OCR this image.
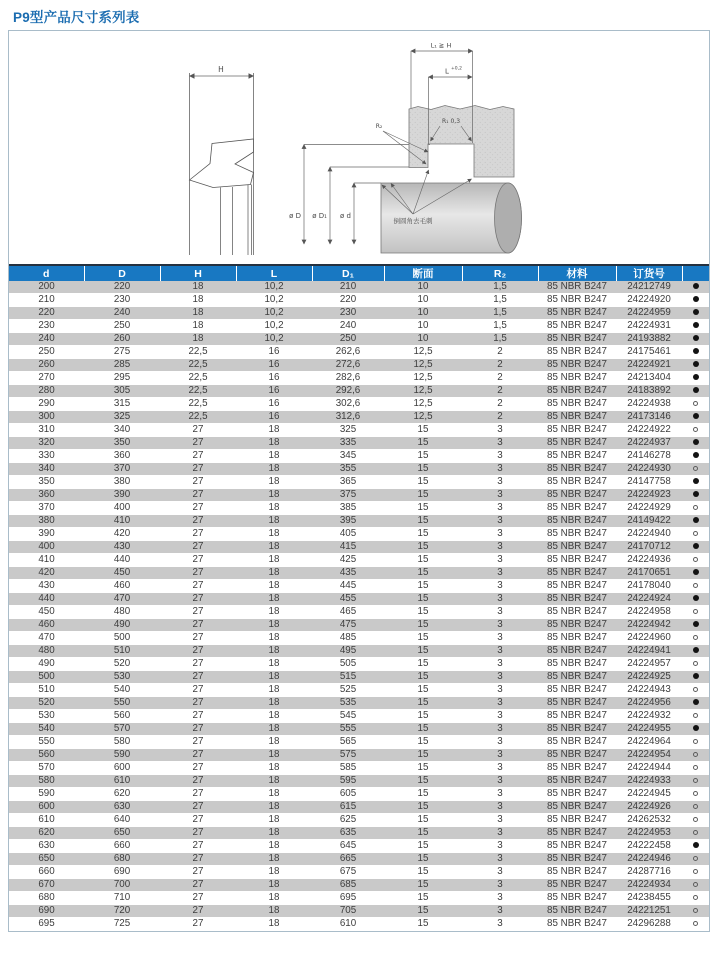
P9型产品尺寸系列表
H
ø D ø D₁ ø d
L₁ ≧ H
L +0,2
R₁ 0,3
R₂
倒圆角去毛刺
d	D	H	L	D₁	断面	R₂	材料	订货号	
200	220	18	10,2	210	10	1,5	85 NBR B247	24212749	
210	230	18	10,2	220	10	1,5	85 NBR B247	24224920	
220	240	18	10,2	230	10	1,5	85 NBR B247	24224959	
230	250	18	10,2	240	10	1,5	85 NBR B247	24224931	
240	260	18	10,2	250	10	1,5	85 NBR B247	24193882	
250	275	22,5	16	262,6	12,5	2	85 NBR B247	24175461	
260	285	22,5	16	272,6	12,5	2	85 NBR B247	24224921	
270	295	22,5	16	282,6	12,5	2	85 NBR B247	24213404	
280	305	22,5	16	292,6	12,5	2	85 NBR B247	24183892	
290	315	22,5	16	302,6	12,5	2	85 NBR B247	24224938	
300	325	22,5	16	312,6	12,5	2	85 NBR B247	24173146	
310	340	27	18	325	15	3	85 NBR B247	24224922	
320	350	27	18	335	15	3	85 NBR B247	24224937	
330	360	27	18	345	15	3	85 NBR B247	24146278	
340	370	27	18	355	15	3	85 NBR B247	24224930	
350	380	27	18	365	15	3	85 NBR B247	24147758	
360	390	27	18	375	15	3	85 NBR B247	24224923	
370	400	27	18	385	15	3	85 NBR B247	24224929	
380	410	27	18	395	15	3	85 NBR B247	24149422	
390	420	27	18	405	15	3	85 NBR B247	24224940	
400	430	27	18	415	15	3	85 NBR B247	24170712	
410	440	27	18	425	15	3	85 NBR B247	24224936	
420	450	27	18	435	15	3	85 NBR B247	24170651	
430	460	27	18	445	15	3	85 NBR B247	24178040	
440	470	27	18	455	15	3	85 NBR B247	24224924	
450	480	27	18	465	15	3	85 NBR B247	24224958	
460	490	27	18	475	15	3	85 NBR B247	24224942	
470	500	27	18	485	15	3	85 NBR B247	24224960	
480	510	27	18	495	15	3	85 NBR B247	24224941	
490	520	27	18	505	15	3	85 NBR B247	24224957	
500	530	27	18	515	15	3	85 NBR B247	24224925	
510	540	27	18	525	15	3	85 NBR B247	24224943	
520	550	27	18	535	15	3	85 NBR B247	24224956	
530	560	27	18	545	15	3	85 NBR B247	24224932	
540	570	27	18	555	15	3	85 NBR B247	24224955	
550	580	27	18	565	15	3	85 NBR B247	24224964	
560	590	27	18	575	15	3	85 NBR B247	24224954	
570	600	27	18	585	15	3	85 NBR B247	24224944	
580	610	27	18	595	15	3	85 NBR B247	24224933	
590	620	27	18	605	15	3	85 NBR B247	24224945	
600	630	27	18	615	15	3	85 NBR B247	24224926	
610	640	27	18	625	15	3	85 NBR B247	24262532	
620	650	27	18	635	15	3	85 NBR B247	24224953	
630	660	27	18	645	15	3	85 NBR B247	24222458	
650	680	27	18	665	15	3	85 NBR B247	24224946	
660	690	27	18	675	15	3	85 NBR B247	24287716	
670	700	27	18	685	15	3	85 NBR B247	24224934	
680	710	27	18	695	15	3	85 NBR B247	24238455	
690	720	27	18	705	15	3	85 NBR B247	24221251	
695	725	27	18	610	15	3	85 NBR B247	24296288	
